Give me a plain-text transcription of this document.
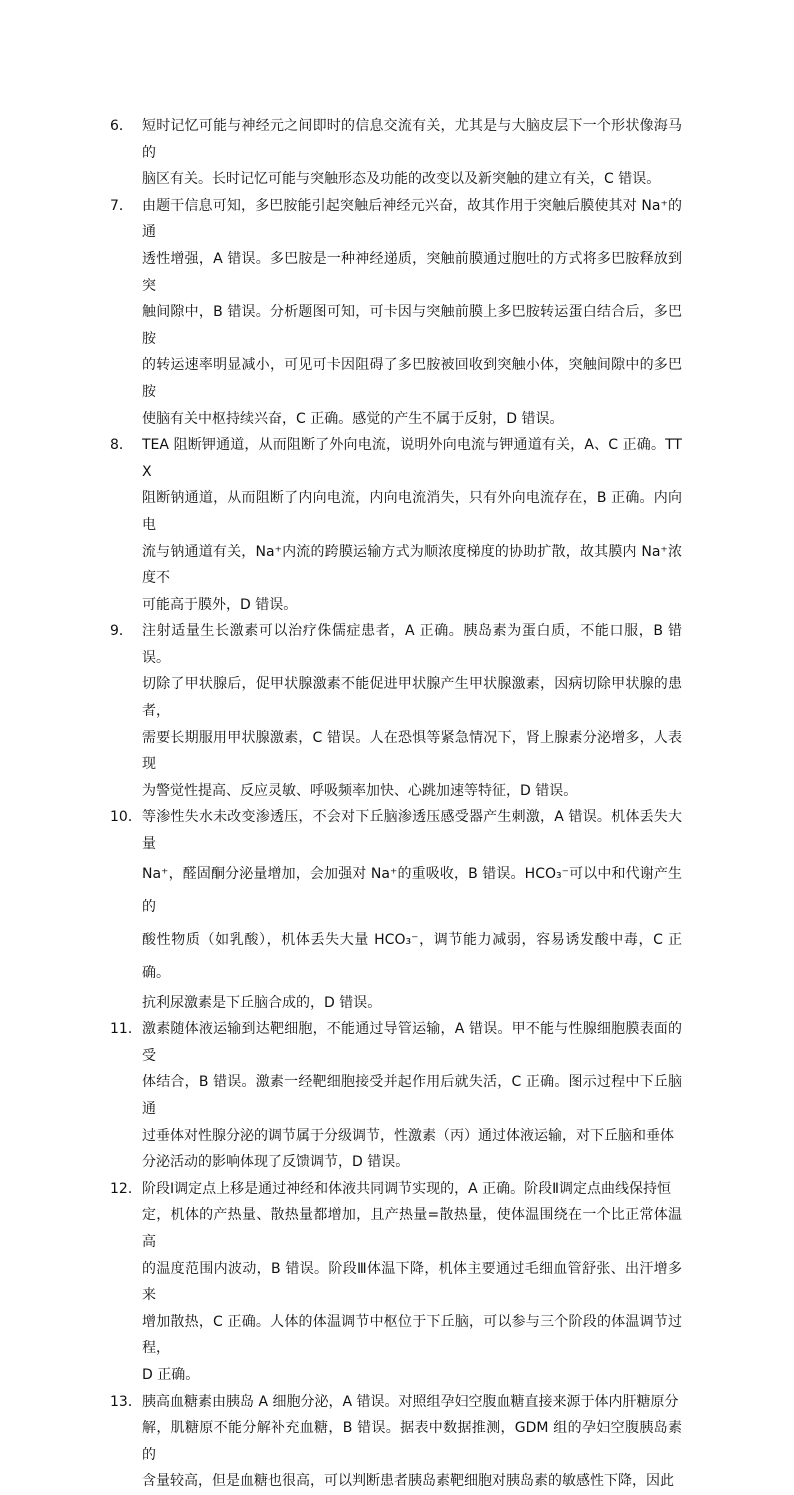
6． 短时记忆可能与神经元之间即时的信息交流有关，尤其是与大脑皮层下一个形状像海马的
脑区有关。长时记忆可能与突触形态及功能的改变以及新突触的建立有关，C 错误。
7． 由题干信息可知，多巴胺能引起突触后神经元兴奋，故其作用于突触后膜使其对 Na⁺的通
透性增强，A 错误。多巴胺是一种神经递质，突触前膜通过胞吐的方式将多巴胺释放到突
触间隙中，B 错误。分析题图可知，可卡因与突触前膜上多巴胺转运蛋白结合后，多巴胺
的转运速率明显减小，可见可卡因阻碍了多巴胺被回收到突触小体，突触间隙中的多巴胺
使脑有关中枢持续兴奋，C 正确。感觉的产生不属于反射，D 错误。
8． TEA 阻断钾通道，从而阻断了外向电流，说明外向电流与钾通道有关，A、C 正确。TTX
阻断钠通道，从而阻断了内向电流，内向电流消失，只有外向电流存在，B 正确。内向电
流与钠通道有关，Na⁺内流的跨膜运输方式为顺浓度梯度的协助扩散，故其膜内 Na⁺浓度不
可能高于膜外，D 错误。
9． 注射适量生长激素可以治疗侏儒症患者，A 正确。胰岛素为蛋白质，不能口服，B 错误。
切除了甲状腺后，促甲状腺激素不能促进甲状腺产生甲状腺激素，因病切除甲状腺的患者，
需要长期服用甲状腺激素，C 错误。人在恐惧等紧急情况下，肾上腺素分泌增多，人表现
为警觉性提高、反应灵敏、呼吸频率加快、心跳加速等特征，D 错误。
10． 等渗性失水未改变渗透压，不会对下丘脑渗透压感受器产生刺激，A 错误。机体丢失大量
Na⁺，醛固酮分泌量增加，会加强对 Na⁺的重吸收，B 错误。HCO₃⁻可以中和代谢产生的
酸性物质（如乳酸），机体丢失大量 HCO₃⁻，调节能力减弱，容易诱发酸中毒，C 正确。
抗利尿激素是下丘脑合成的，D 错误。
11． 激素随体液运输到达靶细胞，不能通过导管运输，A 错误。甲不能与性腺细胞膜表面的受
体结合，B 错误。激素一经靶细胞接受并起作用后就失活，C 正确。图示过程中下丘脑通
过垂体对性腺分泌的调节属于分级调节，性激素（丙）通过体液运输，对下丘脑和垂体
分泌活动的影响体现了反馈调节，D 错误。
12． 阶段Ⅰ调定点上移是通过神经和体液共同调节实现的，A 正确。阶段Ⅱ调定点曲线保持恒
定，机体的产热量、散热量都增加，且产热量=散热量，使体温围绕在一个比正常体温高
的温度范围内波动，B 错误。阶段Ⅲ体温下降，机体主要通过毛细血管舒张、出汗增多来
增加散热，C 正确。人体的体温调节中枢位于下丘脑，可以参与三个阶段的体温调节过程，
D 正确。
13． 胰高血糖素由胰岛 A 细胞分泌，A 错误。对照组孕妇空腹血糖直接来源于体内肝糖原分
解，肌糖原不能分解补充血糖，B 错误。据表中数据推测，GDM 组的孕妇空腹胰岛素的
含量较高，但是血糖也很高，可以判断患者胰岛素靶细胞对胰岛素的敏感性下降，因此
